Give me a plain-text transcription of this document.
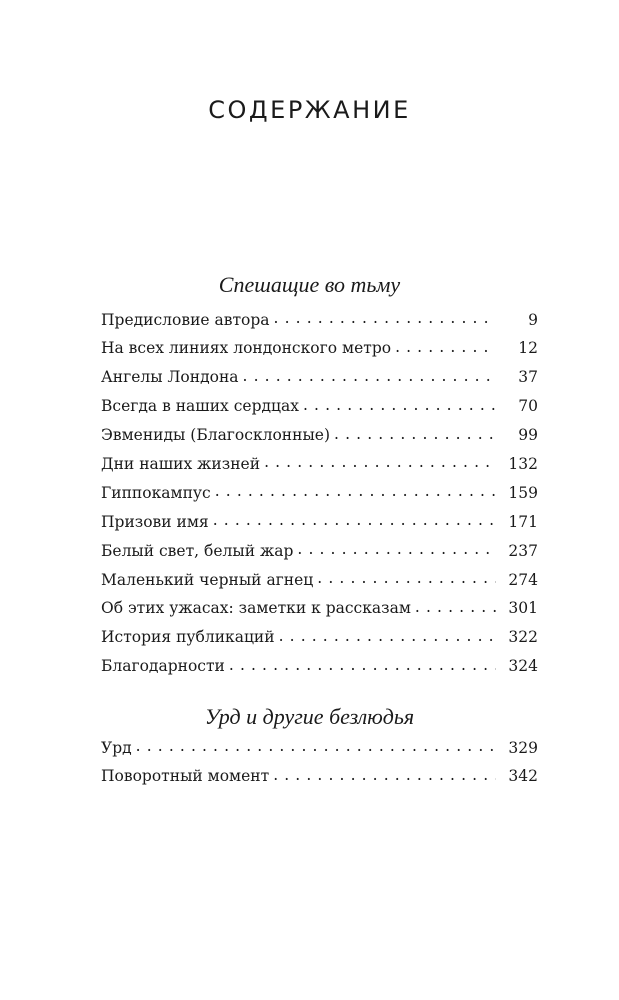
СОДЕРЖАНИЕ
Спешащие во тьму
Предисловие автора . . .	9
На всех линиях лондонского метро . . .	12
Ангелы Лондона . . .	37
Всегда в наших сердцах . . .	70
Эвмениды (Благосклонные) . . .	99
Дни наших жизней . . .	132
Гиппокампус . . .	159
Призови имя . . .	171
Белый свет, белый жар . . .	237
Маленький черный агнец . . .	274
Об этих ужасах: заметки к рассказам . . .	301
История публикаций . . .	322
Благодарности . . .	324
Урд и другие безлюдья
Урд . . .	329
Поворотный момент . . .	342
